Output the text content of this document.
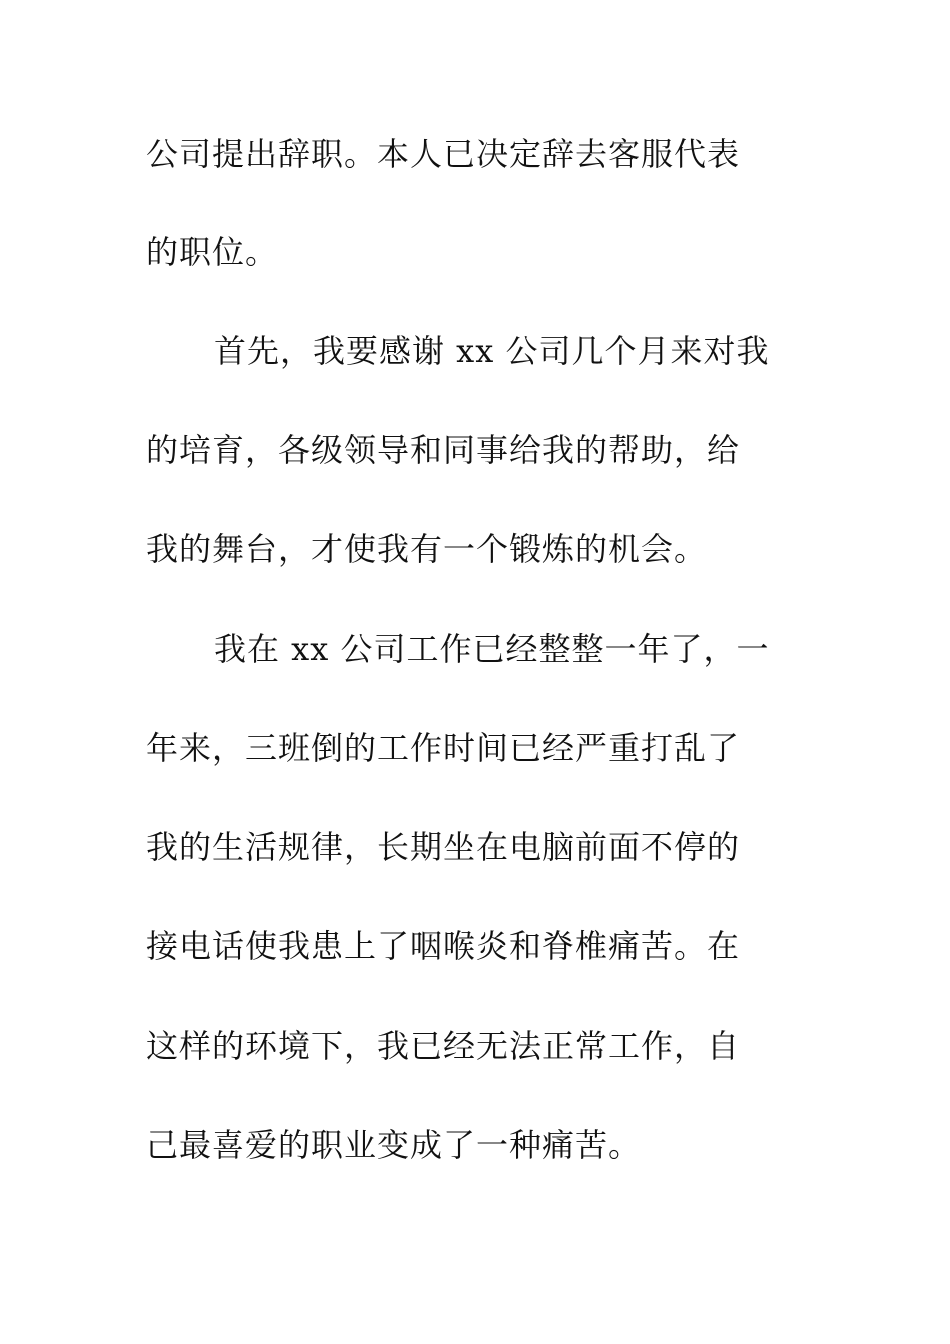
公司提出辞职。本人已决定辞去客服代表
的职位。
首先，我要感谢 xx 公司几个月来对我
的培育，各级领导和同事给我的帮助，给
我的舞台，才使我有一个锻炼的机会。
我在 xx 公司工作已经整整一年了，一
年来，三班倒的工作时间已经严重打乱了
我的生活规律，长期坐在电脑前面不停的
接电话使我患上了咽喉炎和脊椎痛苦。在
这样的环境下，我已经无法正常工作，自
己最喜爱的职业变成了一种痛苦。
